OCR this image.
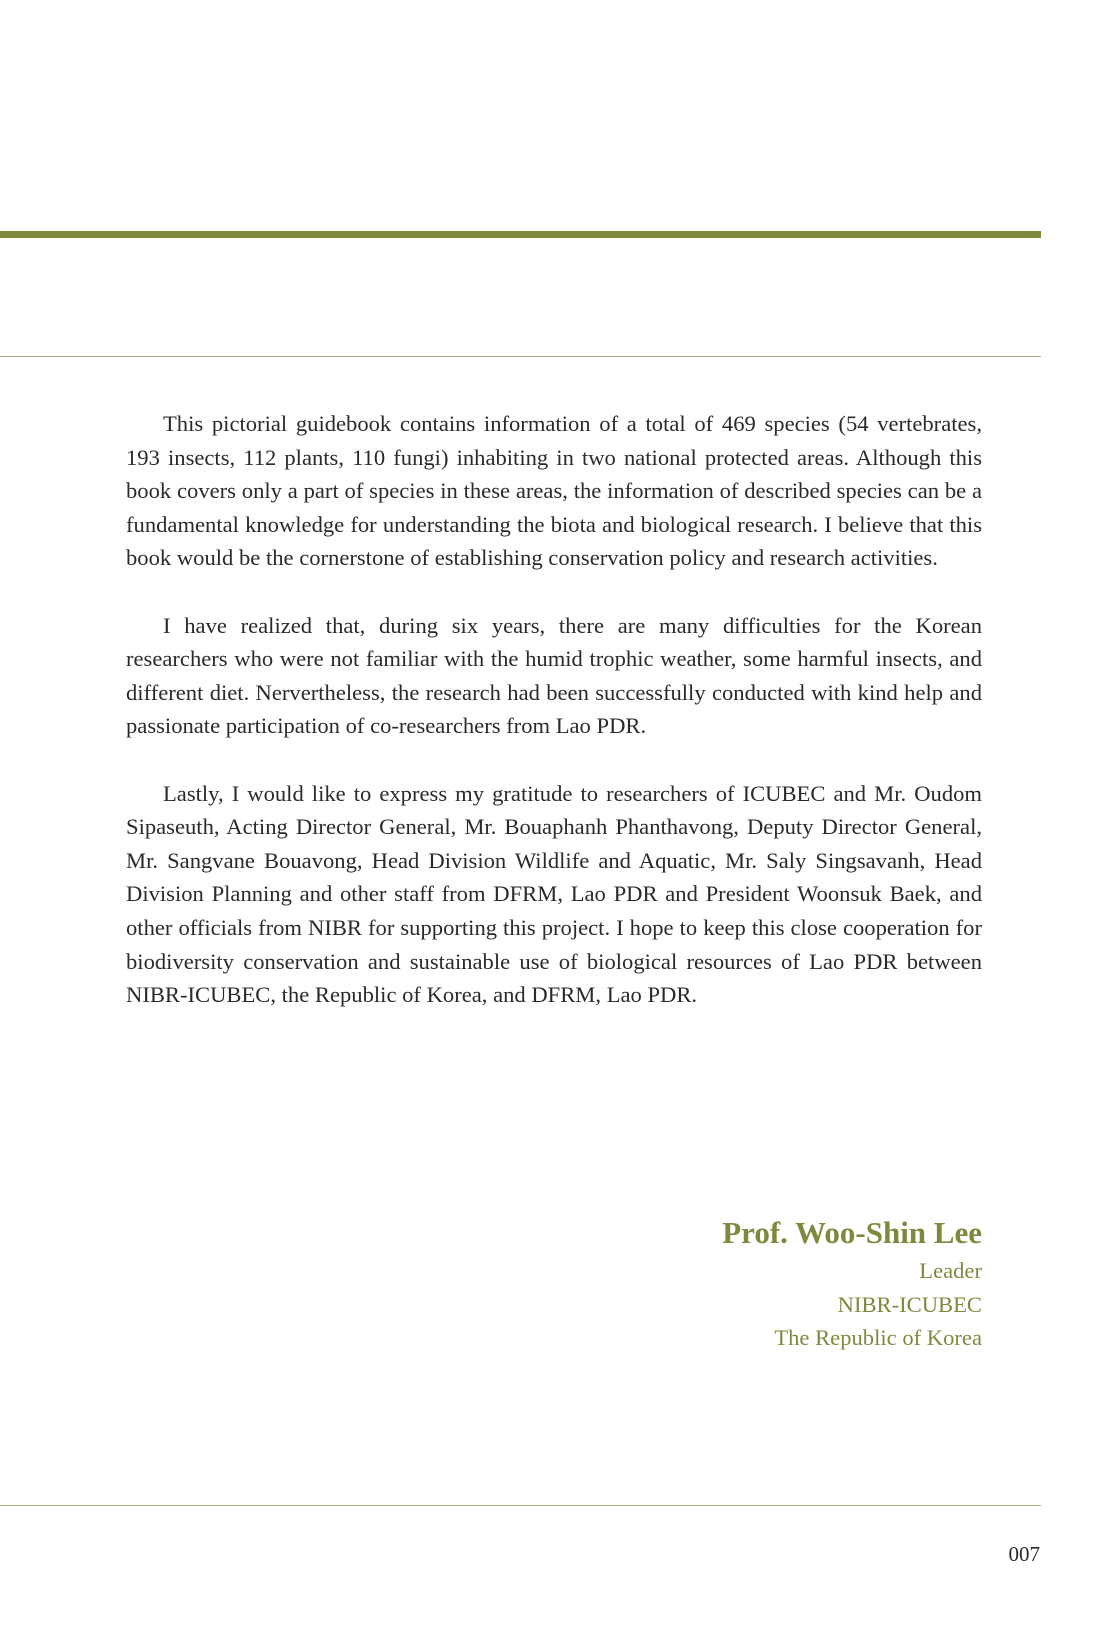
This pictorial guidebook contains information of a total of 469 species (54 vertebrates, 193 insects, 112 plants, 110 fungi) inhabiting in two national protected areas. Although this book covers only a part of species in these areas, the information of described species can be a fundamental knowledge for understanding the biota and biological research. I believe that this book would be the cornerstone of establishing conservation policy and research activities.

I have realized that, during six years, there are many difficulties for the Korean researchers who were not familiar with the humid trophic weather, some harmful insects, and different diet. Nervertheless, the research had been successfully conducted with kind help and passionate participation of co-researchers from Lao PDR.

Lastly, I would like to express my gratitude to researchers of ICUBEC and Mr. Oudom Sipaseuth, Acting Director General, Mr. Bouaphanh Phanthavong, Deputy Director General, Mr. Sangvane Bouavong, Head Division Wildlife and Aquatic, Mr. Saly Singsavanh, Head Division Planning and other staff from DFRM, Lao PDR and President Woonsuk Baek, and other officials from NIBR for supporting this project. I hope to keep this close cooperation for biodiversity conservation and sustainable use of biological resources of Lao PDR between NIBR-ICUBEC, the Republic of Korea, and DFRM, Lao PDR.

Prof. Woo-Shin Lee
Leader
NIBR-ICUBEC
The Republic of Korea
007
